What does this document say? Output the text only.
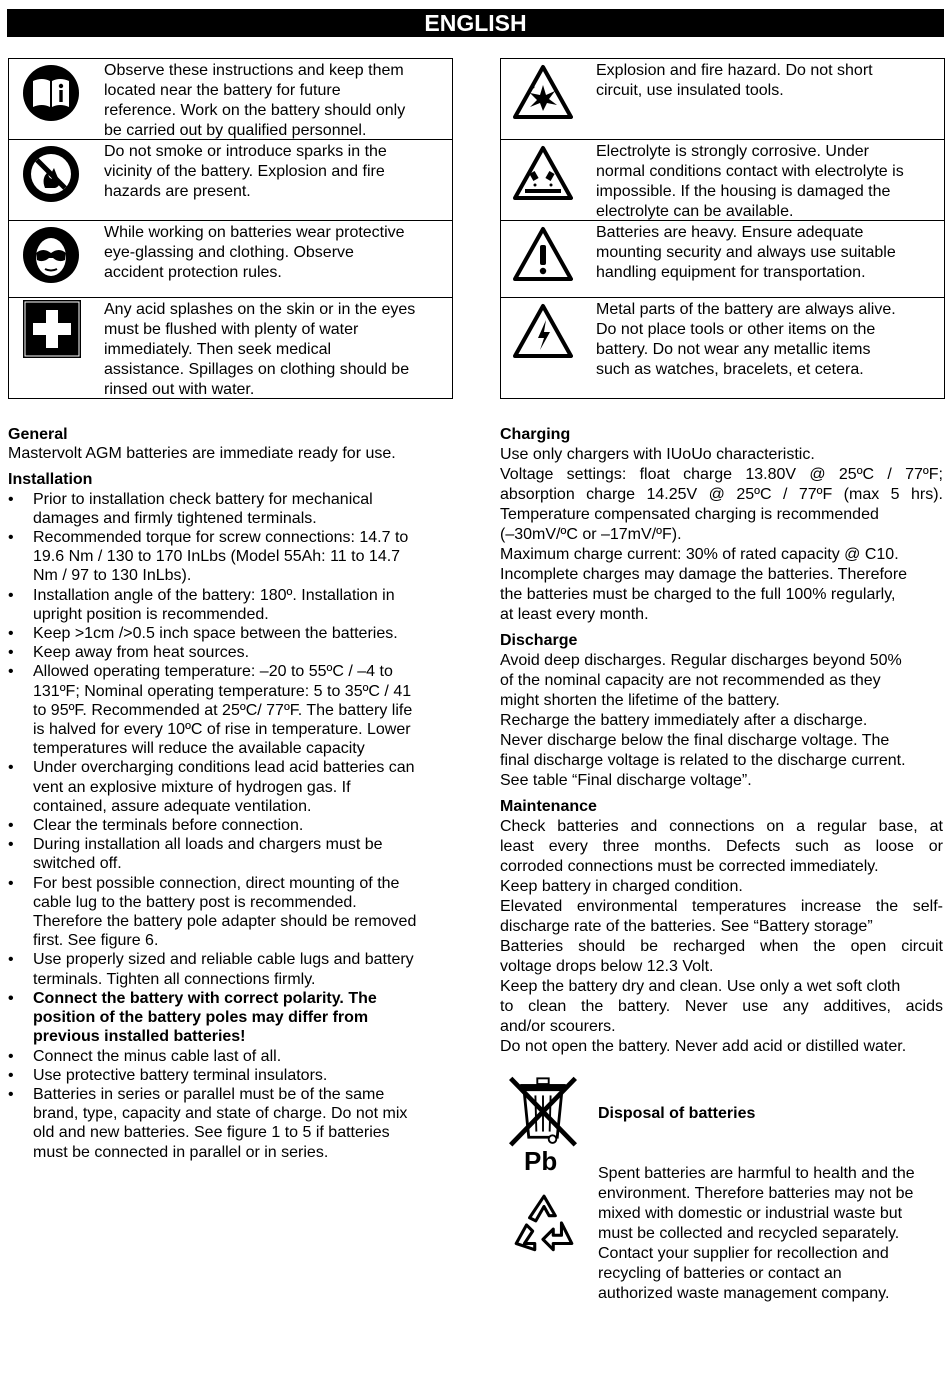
ENGLISH
Observe these instructions and keep them
located near the battery for future
reference. Work on the battery should only
be carried out by qualified personnel.
Do not smoke or introduce sparks in the
vicinity of the battery. Explosion and fire
hazards are present.
While working on batteries wear protective
eye-glassing and clothing. Observe
accident protection rules.
Any acid splashes on the skin or in the eyes
must be flushed with plenty of water
immediately. Then seek medical
assistance. Spillages on clothing should be
rinsed out with water.
Explosion and fire hazard. Do not short
circuit, use insulated tools.
Electrolyte is strongly corrosive. Under
normal conditions contact with electrolyte is
impossible. If the housing is damaged the
electrolyte can be available.
Batteries are heavy. Ensure adequate
mounting security and always use suitable
handling equipment for transportation.
Metal parts of the battery are always alive.
Do not place tools or other items on the
battery. Do not wear any metallic items
such as watches, bracelets, et cetera.
General
Mastervolt AGM batteries are immediate ready for use.
Installation
• Prior to installation check battery for mechanical
damages and firmly tightened terminals.
• Recommended torque for screw connections: 14.7 to
19.6 Nm / 130 to 170 InLbs (Model 55Ah: 11 to 14.7
Nm / 97 to 130 InLbs).
• Installation angle of the battery: 180º. Installation in
upright position is recommended.
• Keep >1cm />0.5 inch space between the batteries.
• Keep away from heat sources.
• Allowed operating temperature: –20 to 55ºC / –4 to
131ºF; Nominal operating temperature: 5 to 35ºC / 41
to 95ºF. Recommended at 25ºC/ 77ºF. The battery life
is halved for every 10ºC of rise in temperature. Lower
temperatures will reduce the available capacity
• Under overcharging conditions lead acid batteries can
vent an explosive mixture of hydrogen gas. If
contained, assure adequate ventilation.
• Clear the terminals before connection.
• During installation all loads and chargers must be
switched off.
• For best possible connection, direct mounting of the
cable lug to the battery post is recommended.
Therefore the battery pole adapter should be removed
first. See figure 6.
• Use properly sized and reliable cable lugs and battery
terminals. Tighten all connections firmly.
• Connect the battery with correct polarity. The
position of the battery poles may differ from
previous installed batteries!
• Connect the minus cable last of all.
• Use protective battery terminal insulators.
• Batteries in series or parallel must be of the same
brand, type, capacity and state of charge. Do not mix
old and new batteries. See figure 1 to 5 if batteries
must be connected in parallel or in series.
Charging
Use only chargers with IUoUo characteristic.
Voltage settings: float charge 13.80V @ 25ºC / 77ºF;
absorption charge 14.25V @ 25ºC / 77ºF (max 5 hrs).
Temperature compensated charging is recommended
(–30mV/ºC or –17mV/ºF).
Maximum charge current: 30% of rated capacity @ C10.
Incomplete charges may damage the batteries. Therefore
the batteries must be charged to the full 100% regularly,
at least every month.
Discharge
Avoid deep discharges. Regular discharges beyond 50%
of the nominal capacity are not recommended as they
might shorten the lifetime of the battery.
Recharge the battery immediately after a discharge.
Never discharge below the final discharge voltage. The
final discharge voltage is related to the discharge current.
See table “Final discharge voltage”.
Maintenance
Check batteries and connections on a regular base, at
least every three months. Defects such as loose or
corroded connections must be corrected immediately.
Keep battery in charged condition.
Elevated environmental temperatures increase the self-
discharge rate of the batteries. See “Battery storage”
Batteries should be recharged when the open circuit
voltage drops below 12.3 Volt.
Keep the battery dry and clean. Use only a wet soft cloth
to clean the battery. Never use any additives, acids
and/or scourers.
Do not open the battery. Never add acid or distilled water.
Pb

Disposal of batteries

Spent batteries are harmful to health and the
environment. Therefore batteries may not be
mixed with domestic or industrial waste but
must be collected and recycled separately.
Contact your supplier for recollection and
recycling of batteries or contact an
authorized waste management company.
